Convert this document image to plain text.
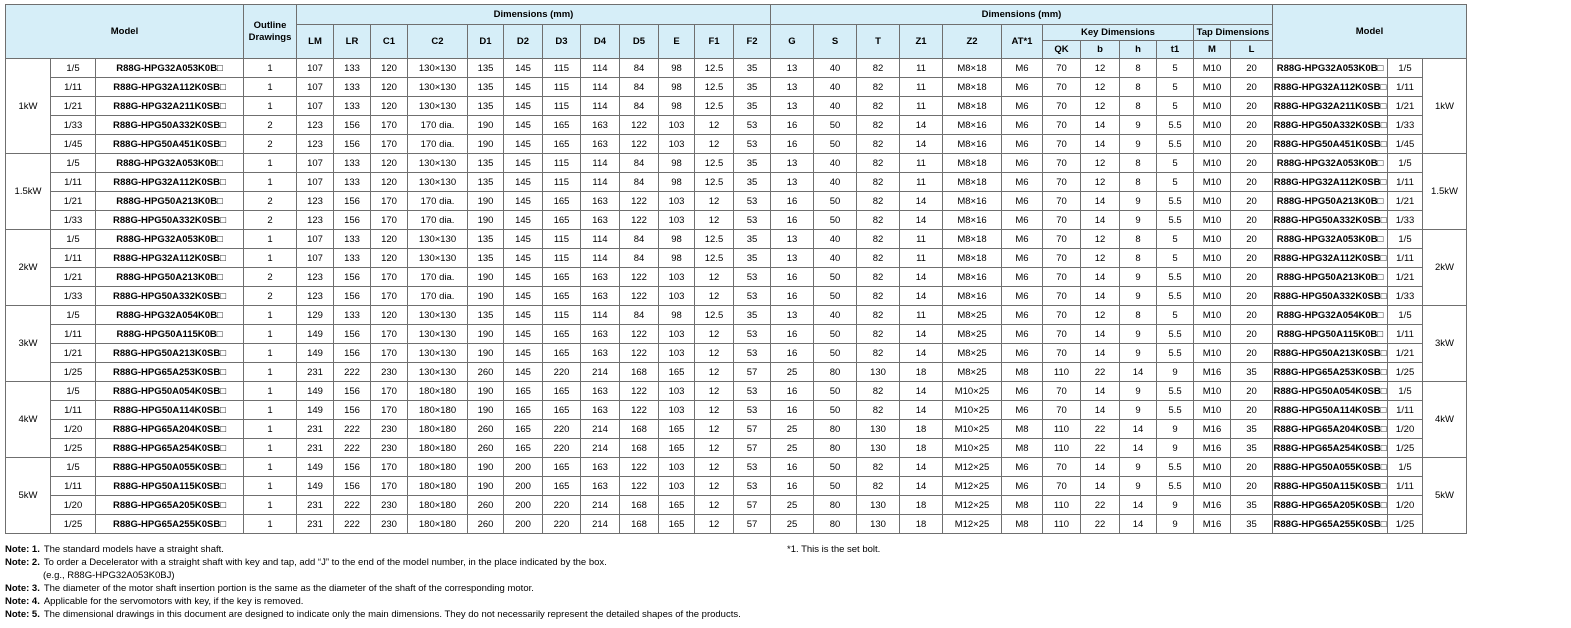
Model			Outline
Drawings	Dimensions (mm)												Dimensions (mm)												Model		
				LM	LR	C1	C2	D1	D2	D3	D4	D5	E	F1	F2	G	S	T	Z1	Z2	AT*1	Key Dimensions				Tap Dimensions				
																						QK	b	h	t1	M	L			
1kW	1/5	R88G-HPG32A053K0B□	1	107	133	120	130×130	135	145	115	114	84	98	12.5	35	13	40	82	11	M8×18	M6	70	12	8	5	M10	20	R88G-HPG32A053K0B□	1/5	1kW
	1/11	R88G-HPG32A112K0SB□	1	107	133	120	130×130	135	145	115	114	84	98	12.5	35	13	40	82	11	M8×18	M6	70	12	8	5	M10	20	R88G-HPG32A112K0SB□	1/11	
	1/21	R88G-HPG32A211K0SB□	1	107	133	120	130×130	135	145	115	114	84	98	12.5	35	13	40	82	11	M8×18	M6	70	12	8	5	M10	20	R88G-HPG32A211K0SB□	1/21	
	1/33	R88G-HPG50A332K0SB□	2	123	156	170	170 dia.	190	145	165	163	122	103	12	53	16	50	82	14	M8×16	M6	70	14	9	5.5	M10	20	R88G-HPG50A332K0SB□	1/33	
	1/45	R88G-HPG50A451K0SB□	2	123	156	170	170 dia.	190	145	165	163	122	103	12	53	16	50	82	14	M8×16	M6	70	14	9	5.5	M10	20	R88G-HPG50A451K0SB□	1/45	
1.5kW	1/5	R88G-HPG32A053K0B□	1	107	133	120	130×130	135	145	115	114	84	98	12.5	35	13	40	82	11	M8×18	M6	70	12	8	5	M10	20	R88G-HPG32A053K0B□	1/5	1.5kW
	1/11	R88G-HPG32A112K0SB□	1	107	133	120	130×130	135	145	115	114	84	98	12.5	35	13	40	82	11	M8×18	M6	70	12	8	5	M10	20	R88G-HPG32A112K0SB□	1/11	
	1/21	R88G-HPG50A213K0B□	2	123	156	170	170 dia.	190	145	165	163	122	103	12	53	16	50	82	14	M8×16	M6	70	14	9	5.5	M10	20	R88G-HPG50A213K0B□	1/21	
	1/33	R88G-HPG50A332K0SB□	2	123	156	170	170 dia.	190	145	165	163	122	103	12	53	16	50	82	14	M8×16	M6	70	14	9	5.5	M10	20	R88G-HPG50A332K0SB□	1/33	
2kW	1/5	R88G-HPG32A053K0B□	1	107	133	120	130×130	135	145	115	114	84	98	12.5	35	13	40	82	11	M8×18	M6	70	12	8	5	M10	20	R88G-HPG32A053K0B□	1/5	2kW
	1/11	R88G-HPG32A112K0SB□	1	107	133	120	130×130	135	145	115	114	84	98	12.5	35	13	40	82	11	M8×18	M6	70	12	8	5	M10	20	R88G-HPG32A112K0SB□	1/11	
	1/21	R88G-HPG50A213K0B□	2	123	156	170	170 dia.	190	145	165	163	122	103	12	53	16	50	82	14	M8×16	M6	70	14	9	5.5	M10	20	R88G-HPG50A213K0B□	1/21	
	1/33	R88G-HPG50A332K0SB□	2	123	156	170	170 dia.	190	145	165	163	122	103	12	53	16	50	82	14	M8×16	M6	70	14	9	5.5	M10	20	R88G-HPG50A332K0SB□	1/33	
3kW	1/5	R88G-HPG32A054K0B□	1	129	133	120	130×130	135	145	115	114	84	98	12.5	35	13	40	82	11	M8×25	M6	70	12	8	5	M10	20	R88G-HPG32A054K0B□	1/5	3kW
	1/11	R88G-HPG50A115K0B□	1	149	156	170	130×130	190	145	165	163	122	103	12	53	16	50	82	14	M8×25	M6	70	14	9	5.5	M10	20	R88G-HPG50A115K0B□	1/11	
	1/21	R88G-HPG50A213K0SB□	1	149	156	170	130×130	190	145	165	163	122	103	12	53	16	50	82	14	M8×25	M6	70	14	9	5.5	M10	20	R88G-HPG50A213K0SB□	1/21	
	1/25	R88G-HPG65A253K0SB□	1	231	222	230	130×130	260	145	220	214	168	165	12	57	25	80	130	18	M8×25	M8	110	22	14	9	M16	35	R88G-HPG65A253K0SB□	1/25	
4kW	1/5	R88G-HPG50A054K0SB□	1	149	156	170	180×180	190	165	165	163	122	103	12	53	16	50	82	14	M10×25	M6	70	14	9	5.5	M10	20	R88G-HPG50A054K0SB□	1/5	4kW
	1/11	R88G-HPG50A114K0SB□	1	149	156	170	180×180	190	165	165	163	122	103	12	53	16	50	82	14	M10×25	M6	70	14	9	5.5	M10	20	R88G-HPG50A114K0SB□	1/11	
	1/20	R88G-HPG65A204K0SB□	1	231	222	230	180×180	260	165	220	214	168	165	12	57	25	80	130	18	M10×25	M8	110	22	14	9	M16	35	R88G-HPG65A204K0SB□	1/20	
	1/25	R88G-HPG65A254K0SB□	1	231	222	230	180×180	260	165	220	214	168	165	12	57	25	80	130	18	M10×25	M8	110	22	14	9	M16	35	R88G-HPG65A254K0SB□	1/25	
5kW	1/5	R88G-HPG50A055K0SB□	1	149	156	170	180×180	190	200	165	163	122	103	12	53	16	50	82	14	M12×25	M6	70	14	9	5.5	M10	20	R88G-HPG50A055K0SB□	1/5	5kW
	1/11	R88G-HPG50A115K0SB□	1	149	156	170	180×180	190	200	165	163	122	103	12	53	16	50	82	14	M12×25	M6	70	14	9	5.5	M10	20	R88G-HPG50A115K0SB□	1/11	
	1/20	R88G-HPG65A205K0SB□	1	231	222	230	180×180	260	200	220	214	168	165	12	57	25	80	130	18	M12×25	M8	110	22	14	9	M16	35	R88G-HPG65A205K0SB□	1/20	
	1/25	R88G-HPG65A255K0SB□	1	231	222	230	180×180	260	200	220	214	168	165	12	57	25	80	130	18	M12×25	M8	110	22	14	9	M16	35	R88G-HPG65A255K0SB□	1/25	
Note: 1. The standard models have a straight shaft.
Note: 2. To order a Decelerator with a straight shaft with key and tap, add “J” to the end of the model number, in the place indicated by the box.
(e.g., R88G-HPG32A053K0BJ)
Note: 3. The diameter of the motor shaft insertion portion is the same as the diameter of the shaft of the corresponding motor.
Note: 4. Applicable for the servomotors with key, if the key is removed.
Note: 5. The dimensional drawings in this document are designed to indicate only the main dimensions. They do not necessarily represent the detailed shapes of the products.
*1. This is the set bolt.
